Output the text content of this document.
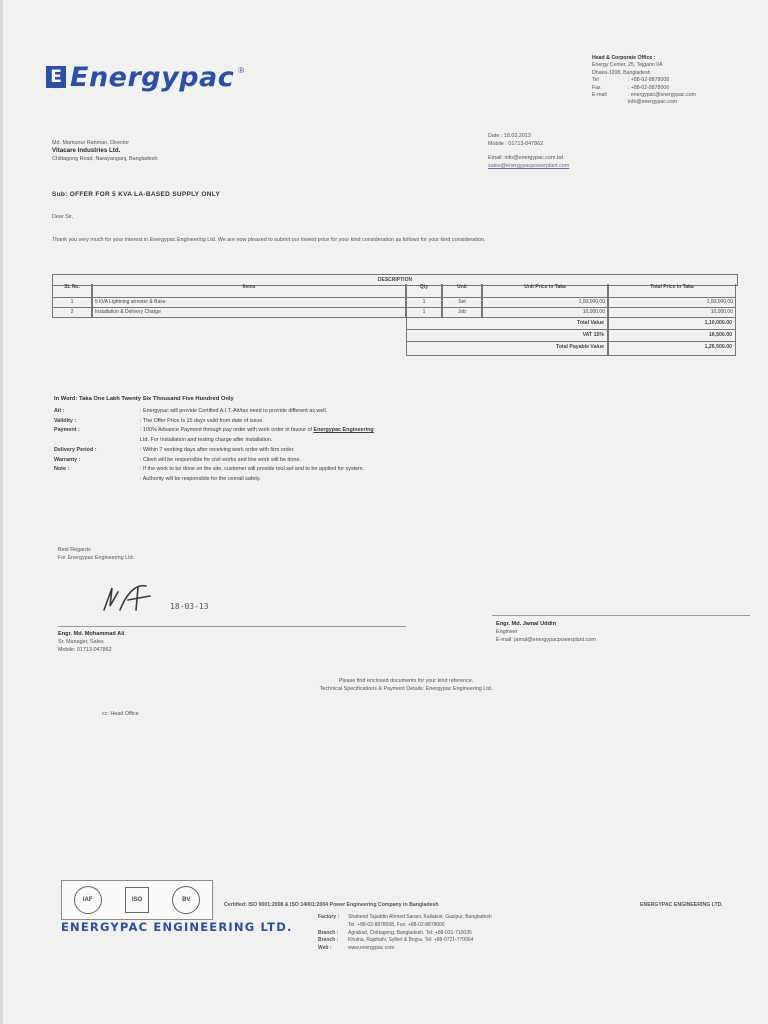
E Energypac ®
Head & Corporate Office :
Energy Center, 25, Tejgaon I/A
Dhaka-1208, Bangladesh
Tel	: +88-02-8878008
Fax	: +88-02-8878006
E-mail	: energypac@energypac.com
info@energypac.com
Md. Mamunur Rahman, Director
Vitacare Industries Ltd.
Chittagong Road, Narayanganj, Bangladesh
Date : 18.03.2013
Mobile : 01713-047862
Email: info@energypac.com.bd
sales@energypacpowerplant.com
Sub: OFFER FOR 5 KVA LA-BASED SUPPLY ONLY
Dear Sir,
Thank you very much for your interest in Energypac Engineering Ltd. We are now pleased to submit our lowest price for your kind consideration as follows for your kind consideration.
DESCRIPTION
SL No.	Items	Qty	Unit	Unit Price in Taka	Total Price in Taka
1	5 kVA Lightning arrester & Base	1	Set	1,00,000.00	1,00,000.00
2	Installation & Delivery Charge	1	Job	10,000.00	10,000.00
Total Value	1,10,000.00
VAT 15%	16,500.00
Total Payable Value	1,26,500.00
In Word: Taka One Lakh Twenty Six Thousand Five Hundred Only
Ait :	: Energypac will provide Certified A.I.T. Ait/tax need to provide different as well.
Validity :	: The Offer Price Is 15 days valid from date of issue.
Payment :	: 100% Advance Payment through pay order with work order in favour of Energypac Engineering
Ltd. For Installation and testing charge after installation.
Delivery Period :	: Within 7 working days after receiving work order with firm order.
Warranty :	: Client will be responsible for civil works and line work will be done.
Note :	: If the work to be done on the site, customer will provide tool set and to be applied for system.
: Authority will be responsible for the overall safety.
Best Regards
For Energypac Engineering Ltd.
18-03-13
Engr. Md. Mohammad Ali
Sr. Manager, Sales
Mobile: 01713-047862
Engr. Md. Jamal Uddin
Engineer
E-mail: jamal@energypacpowerplant.com
Please find enclosed documents for your kind reference.
Technical Specifications & Payment Details: Energypac Engineering Ltd.
cc: Head Office
IAF	ISO	BV
Certified: ISO 9001:2008 & ISO 14001:2004 Power Engineering Company in Bangladesh	ENERGYPAC ENGINEERING LTD.
ENERGYPAC ENGINEERING LTD.
Factory :	Shaheed Tajuddin Ahmed Sarani, Kaliakoir, Gazipur, Bangladesh
Tel: +88-02-8878008, Fax: +88-02-8878006
Branch :	Agrabad, Chittagong, Bangladesh. Tel: +88-031-710035
Branch :	Khulna, Rajshahi, Sylhet & Bogra. Tel: +88-0721-770064
Web :	www.energypac.com
